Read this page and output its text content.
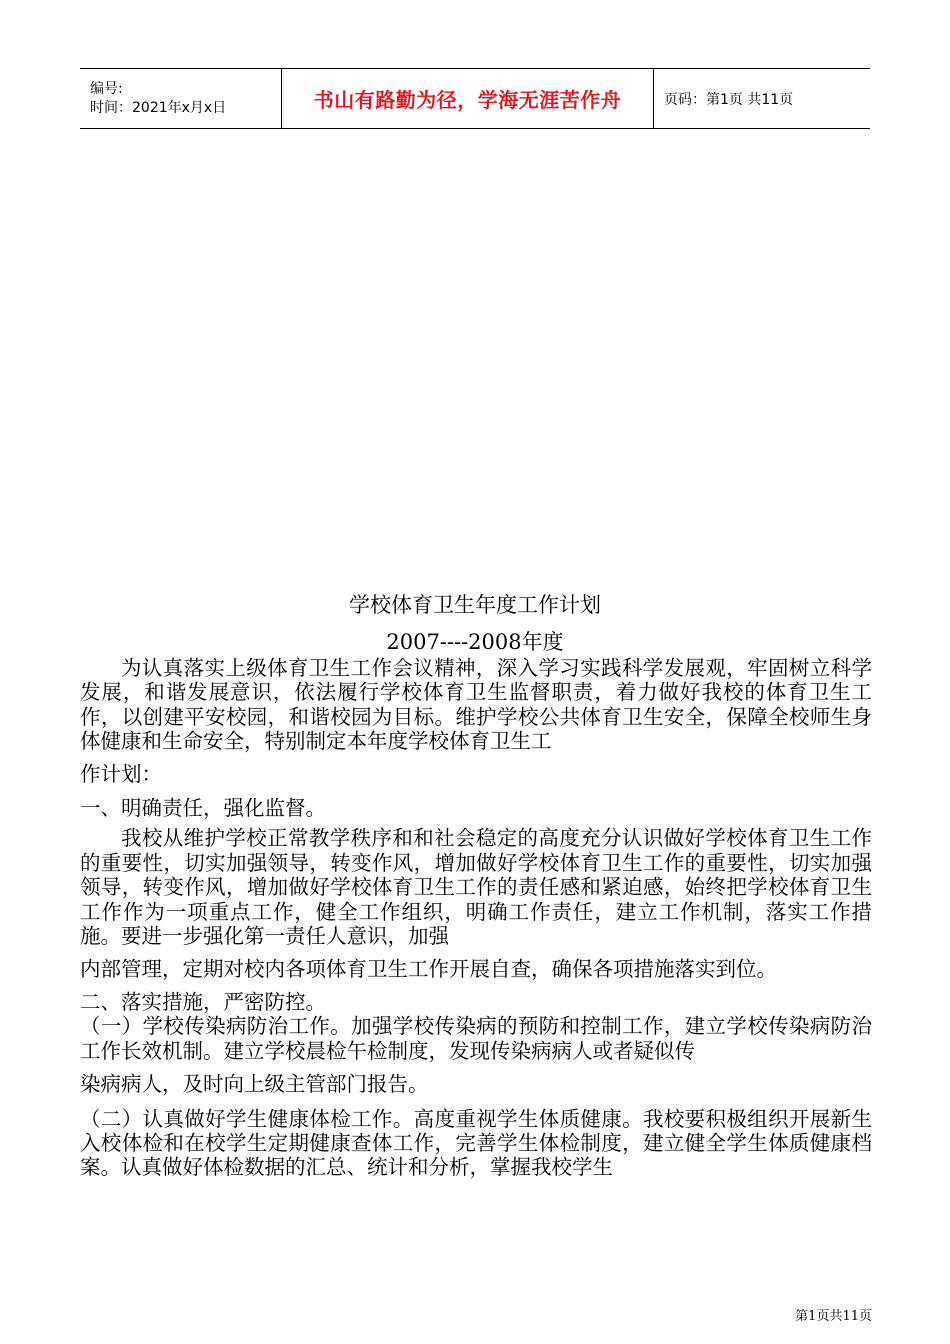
编号:
时间：2021年x月x日	书山有路勤为径，学海无涯苦作舟	页码：第1页 共11页
学校体育卫生年度工作计划
2007----2008年度

为认真落实上级体育卫生工作会议精神，深入学习实践科学发展观，牢固树立科学发展，和谐发展意识，依法履行学校体育卫生监督职责，着力做好我校的体育卫生工作，以创建平安校园，和谐校园为目标。维护学校公共体育卫生安全，保障全校师生身体健康和生命安全，特别制定本年度学校体育卫生工

作计划：

一、明确责任，强化监督。

我校从维护学校正常教学秩序和和社会稳定的高度充分认识做好学校体育卫生工作的重要性，切实加强领导，转变作风，增加做好学校体育卫生工作的重要性，切实加强领导，转变作风，增加做好学校体育卫生工作的责任感和紧迫感，始终把学校体育卫生工作作为一项重点工作，健全工作组织，明确工作责任，建立工作机制，落实工作措施。要进一步强化第一责任人意识，加强

内部管理，定期对校内各项体育卫生工作开展自查，确保各项措施落实到位。

二、落实措施，严密防控。

（一）学校传染病防治工作。加强学校传染病的预防和控制工作，建立学校传染病防治工作长效机制。建立学校晨检午检制度，发现传染病病人或者疑似传

染病病人，及时向上级主管部门报告。

（二）认真做好学生健康体检工作。高度重视学生体质健康。我校要积极组织开展新生入校体检和在校学生定期健康查体工作，完善学生体检制度，建立健全学生体质健康档案。认真做好体检数据的汇总、统计和分析，掌握我校学生

第1页共11页
